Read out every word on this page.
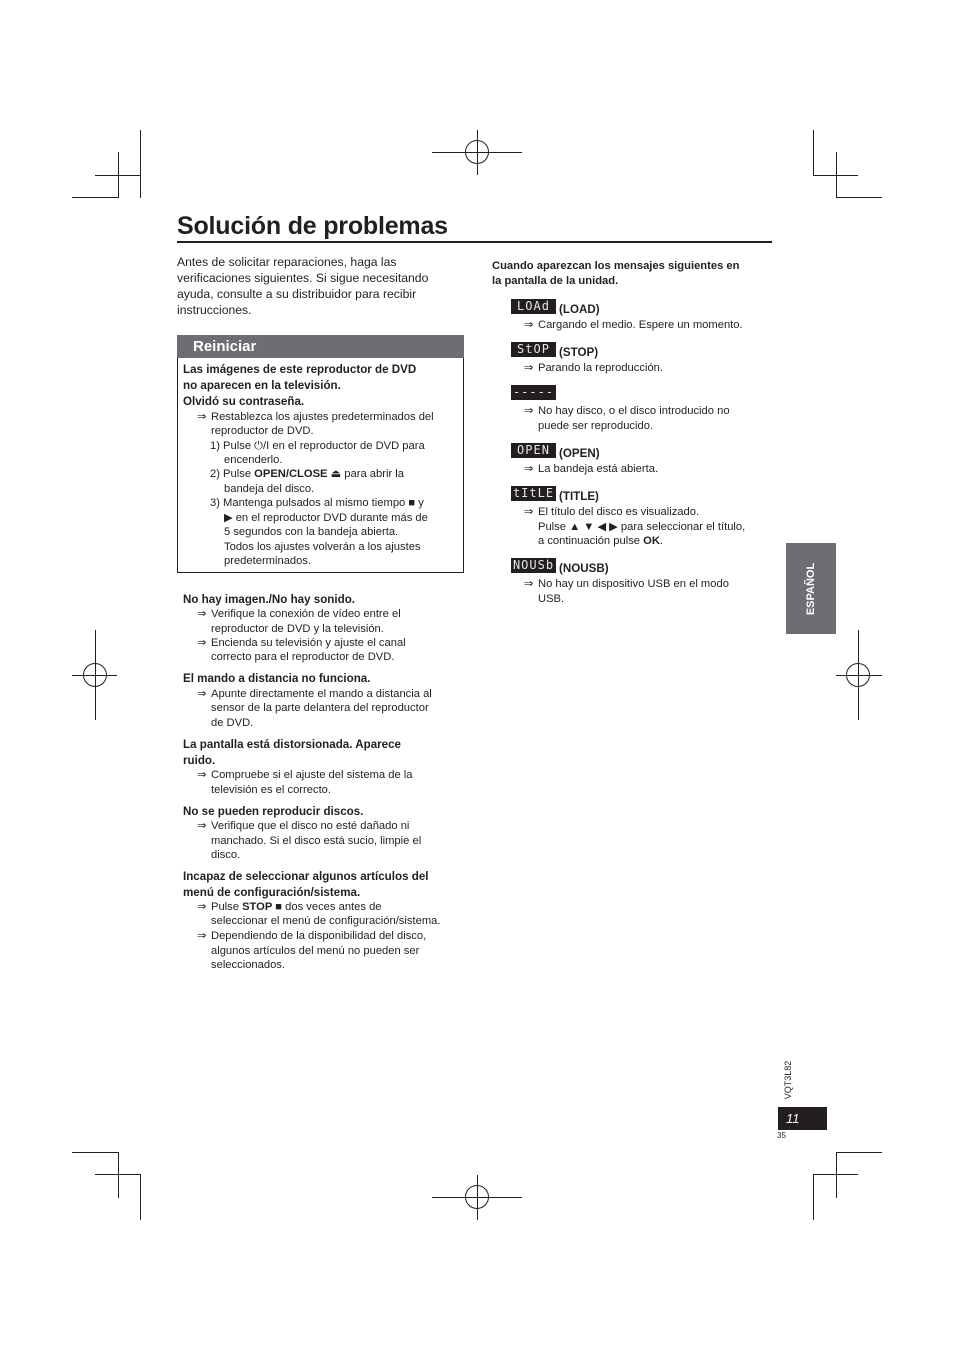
Solución de problemas
Antes de solicitar reparaciones, haga las verificaciones siguientes. Si sigue necesitando ayuda, consulte a su distribuidor para recibir instrucciones.
Reiniciar
Las imágenes de este reproductor de DVD
no aparecen en la televisión.
Olvidó su contraseña.
⇒ Restablezca los ajustes predeterminados del
reproductor de DVD.
1) Pulse ⏻/I en el reproductor de DVD para
encenderlo.
2) Pulse OPEN/CLOSE ⏏ para abrir la
bandeja del disco.
3) Mantenga pulsados al mismo tiempo ■ y
▶ en el reproductor DVD durante más de
5 segundos con la bandeja abierta.
Todos los ajustes volverán a los ajustes
predeterminados.
No hay imagen./No hay sonido.
⇒ Verifique la conexión de vídeo entre el
reproductor de DVD y la televisión.
⇒ Encienda su televisión y ajuste el canal
correcto para el reproductor de DVD.
El mando a distancia no funciona.
⇒ Apunte directamente el mando a distancia al
sensor de la parte delantera del reproductor
de DVD.
La pantalla está distorsionada. Aparece
ruido.
⇒ Compruebe si el ajuste del sistema de la
televisión es el correcto.
No se pueden reproducir discos.
⇒ Verifique que el disco no esté dañado ni
manchado. Si el disco está sucio, limpie el
disco.
Incapaz de seleccionar algunos artículos del
menú de configuración/sistema.
⇒ Pulse STOP ■ dos veces antes de
seleccionar el menú de configuración/sistema.
⇒ Dependiendo de la disponibilidad del disco,
algunos artículos del menú no pueden ser
seleccionados.
Cuando aparezcan los mensajes siguientes en
la pantalla de la unidad.
LOAd (LOAD)
⇒ Cargando el medio. Espere un momento.
StOP (STOP)
⇒ Parando la reproducción.
-----
⇒ No hay disco, o el disco introducido no
puede ser reproducido.
OPEN (OPEN)
⇒ La bandeja está abierta.
tItLE (TITLE)
⇒ El título del disco es visualizado.
Pulse ▲ ▼ ◀ ▶ para seleccionar el título,
a continuación pulse OK.
NOUSb (NOUSB)
⇒ No hay un dispositivo USB en el modo
USB.	ESPAÑOL
VQT3L82
11
35
